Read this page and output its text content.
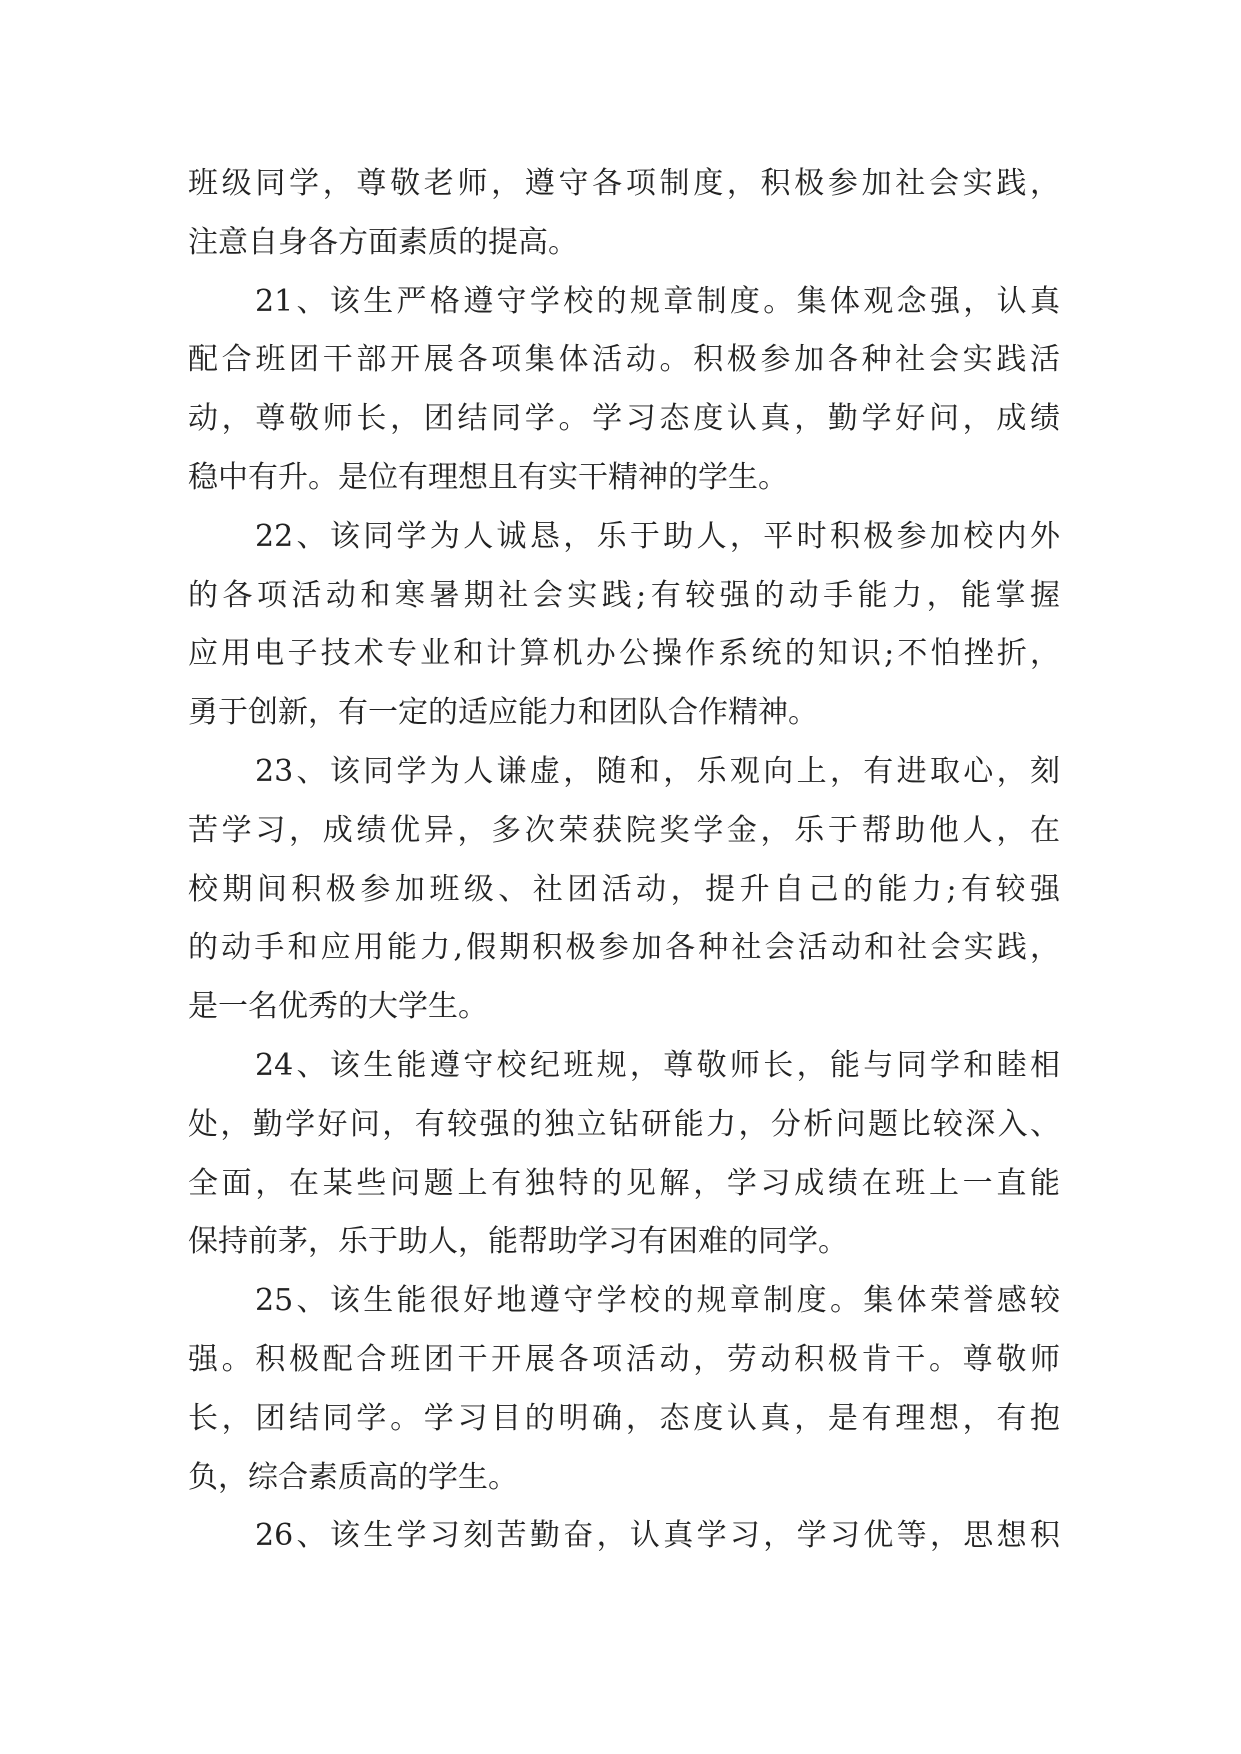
班级同学，尊敬老师，遵守各项制度，积极参加社会实践，
注意自身各方面素质的提高。
21、该生严格遵守学校的规章制度。集体观念强，认真
配合班团干部开展各项集体活动。积极参加各种社会实践活
动，尊敬师长，团结同学。学习态度认真，勤学好问，成绩
稳中有升。是位有理想且有实干精神的学生。
22、该同学为人诚恳，乐于助人，平时积极参加校内外
的各项活动和寒暑期社会实践;有较强的动手能力，能掌握
应用电子技术专业和计算机办公操作系统的知识;不怕挫折，
勇于创新，有一定的适应能力和团队合作精神。
23、该同学为人谦虚，随和，乐观向上，有进取心，刻
苦学习，成绩优异，多次荣获院奖学金，乐于帮助他人，在
校期间积极参加班级、社团活动，提升自己的能力;有较强
的动手和应用能力,假期积极参加各种社会活动和社会实践，
是一名优秀的大学生。
24、该生能遵守校纪班规，尊敬师长，能与同学和睦相
处，勤学好问，有较强的独立钻研能力，分析问题比较深入、
全面，在某些问题上有独特的见解，学习成绩在班上一直能
保持前茅，乐于助人，能帮助学习有困难的同学。
25、该生能很好地遵守学校的规章制度。集体荣誉感较
强。积极配合班团干开展各项活动，劳动积极肯干。尊敬师
长，团结同学。学习目的明确，态度认真，是有理想，有抱
负，综合素质高的学生。
26、该生学习刻苦勤奋，认真学习，学习优等，思想积
